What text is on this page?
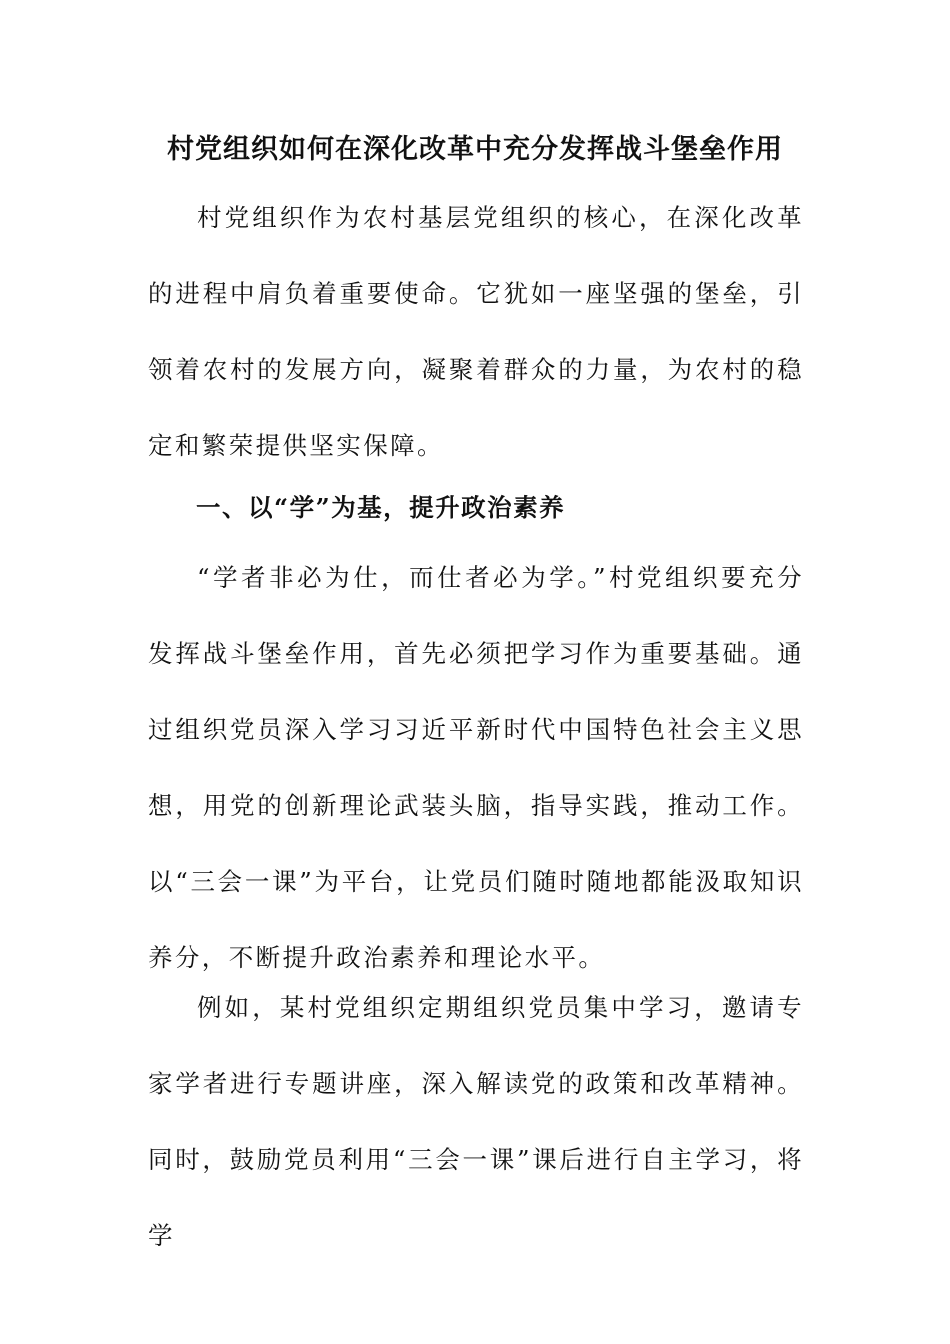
村党组织如何在深化改革中充分发挥战斗堡垒作用

村党组织作为农村基层党组织的核心，在深化改革的进程中肩负着重要使命。它犹如一座坚强的堡垒，引领着农村的发展方向，凝聚着群众的力量，为农村的稳定和繁荣提供坚实保障。

一、以“学”为基，提升政治素养

“学者非必为仕，而仕者必为学。”村党组织要充分发挥战斗堡垒作用，首先必须把学习作为重要基础。通过组织党员深入学习习近平新时代中国特色社会主义思想，用党的创新理论武装头脑，指导实践，推动工作。以“三会一课”为平台，让党员们随时随地都能汲取知识养分，不断提升政治素养和理论水平。

例如，某村党组织定期组织党员集中学习，邀请专家学者进行专题讲座，深入解读党的政策和改革精神。同时，鼓励党员利用“三会一课”课后进行自主学习，将学
